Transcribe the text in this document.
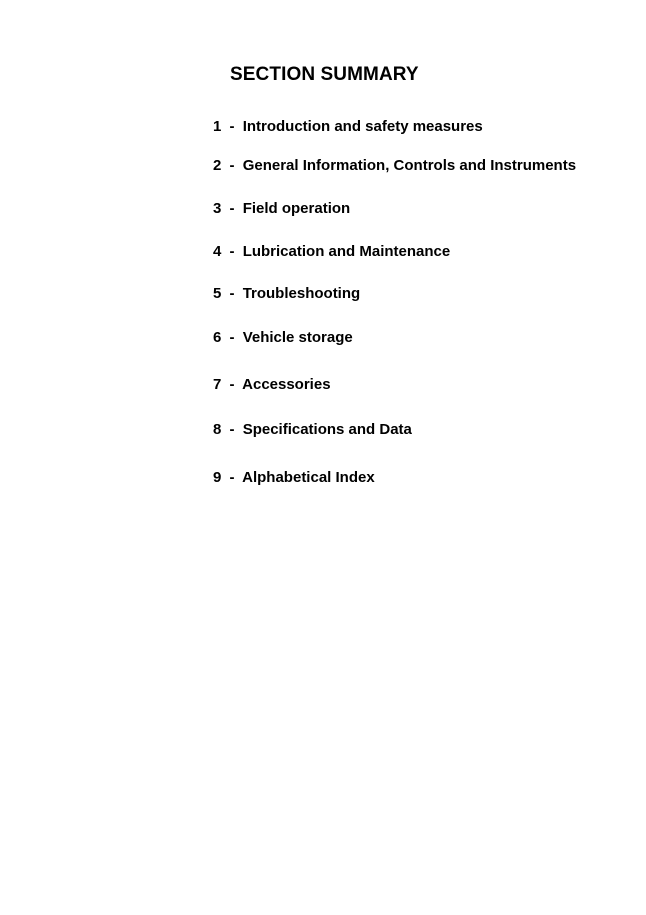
SECTION SUMMARY
1 - Introduction and safety measures
2 - General Information, Controls and Instruments
3 - Field operation
4 - Lubrication and Maintenance
5 - Troubleshooting
6 - Vehicle storage
7 - Accessories
8 - Specifications and Data
9 - Alphabetical Index
